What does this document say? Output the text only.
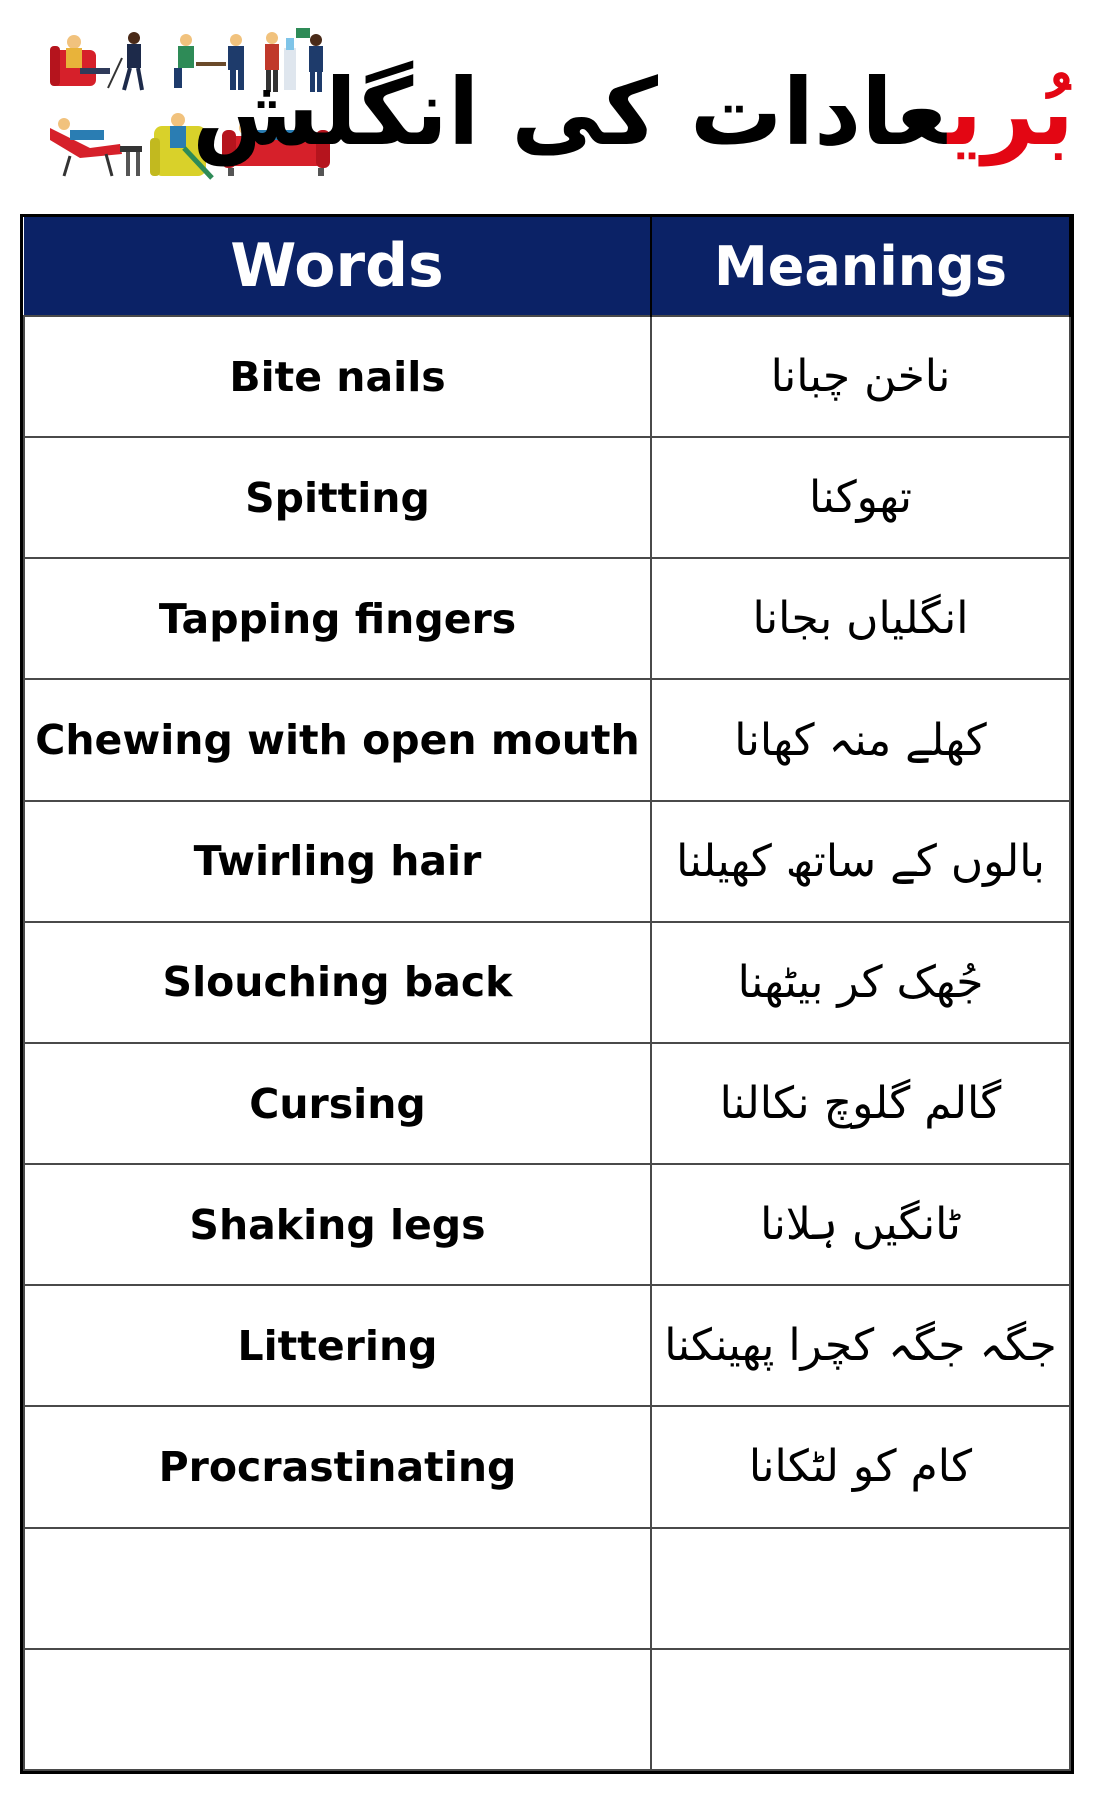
بُریعادات کی انگلش
Words	Meanings
Bite nails	ناخن چبانا
Spitting	تھوکنا
Tapping fingers	انگلیاں بجانا
Chewing with open mouth	کھلے منہ کھانا
Twirling hair	بالوں کے ساتھ کھیلنا
Slouching back	جُھک کر بیٹھنا
Cursing	گالم گلوچ نکالنا
Shaking legs	ٹانگیں ہلانا
Littering	جگہ جگہ کچرا پھینکنا
Procrastinating	کام کو لٹکانا
